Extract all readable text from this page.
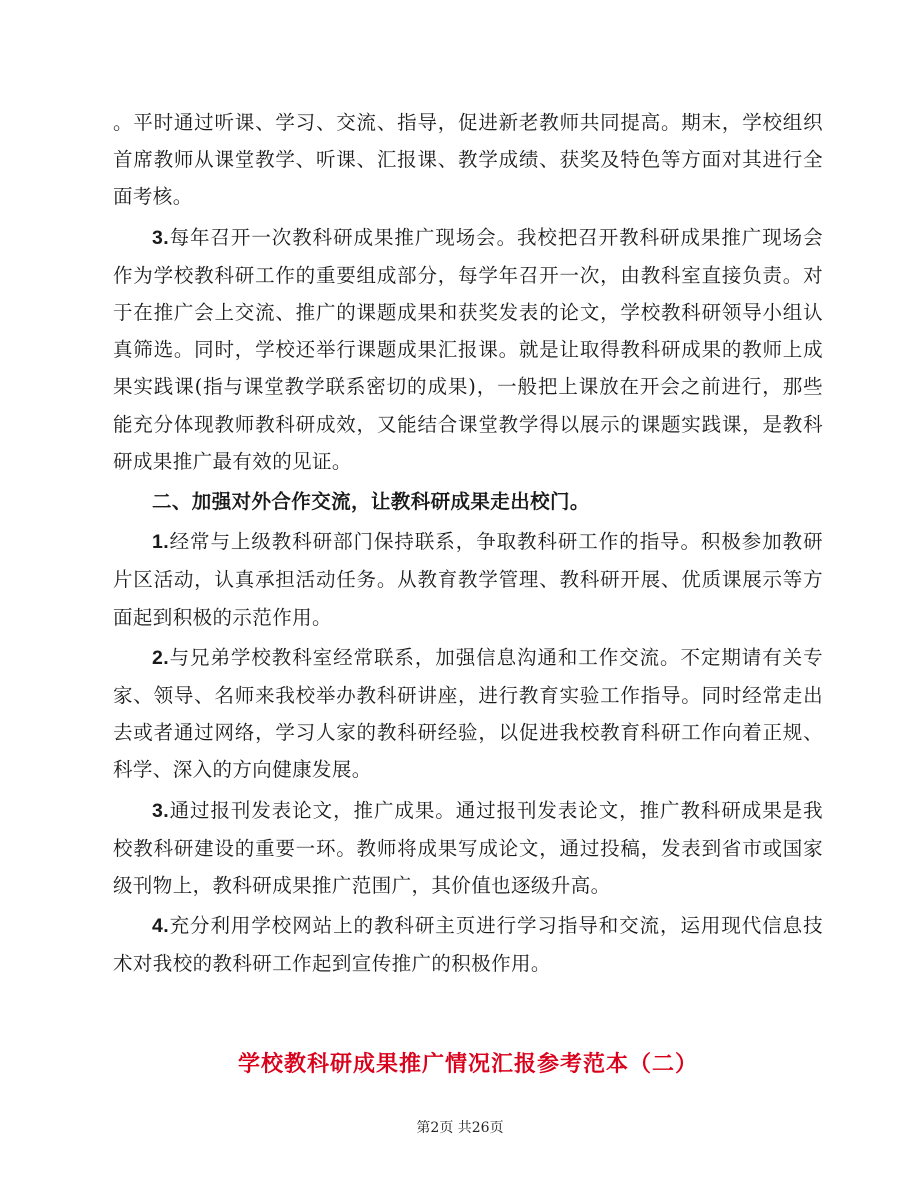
。平时通过听课、学习、交流、指导，促进新老教师共同提高。期末，学校组织首席教师从课堂教学、听课、汇报课、教学成绩、获奖及特色等方面对其进行全面考核。

3.每年召开一次教科研成果推广现场会。我校把召开教科研成果推广现场会作为学校教科研工作的重要组成部分，每学年召开一次，由教科室直接负责。对于在推广会上交流、推广的课题成果和获奖发表的论文，学校教科研领导小组认真筛选。同时，学校还举行课题成果汇报课。就是让取得教科研成果的教师上成果实践课(指与课堂教学联系密切的成果)，一般把上课放在开会之前进行，那些能充分体现教师教科研成效，又能结合课堂教学得以展示的课题实践课，是教科研成果推广最有效的见证。

二、加强对外合作交流，让教科研成果走出校门。

1.经常与上级教科研部门保持联系，争取教科研工作的指导。积极参加教研片区活动，认真承担活动任务。从教育教学管理、教科研开展、优质课展示等方面起到积极的示范作用。

2.与兄弟学校教科室经常联系，加强信息沟通和工作交流。不定期请有关专家、领导、名师来我校举办教科研讲座，进行教育实验工作指导。同时经常走出去或者通过网络，学习人家的教科研经验，以促进我校教育科研工作向着正规、科学、深入的方向健康发展。

3.通过报刊发表论文，推广成果。通过报刊发表论文，推广教科研成果是我校教科研建设的重要一环。教师将成果写成论文，通过投稿，发表到省市或国家级刊物上，教科研成果推广范围广，其价值也逐级升高。

4.充分利用学校网站上的教科研主页进行学习指导和交流，运用现代信息技术对我校的教科研工作起到宣传推广的积极作用。

学校教科研成果推广情况汇报参考范本（二）
第2页 共26页
